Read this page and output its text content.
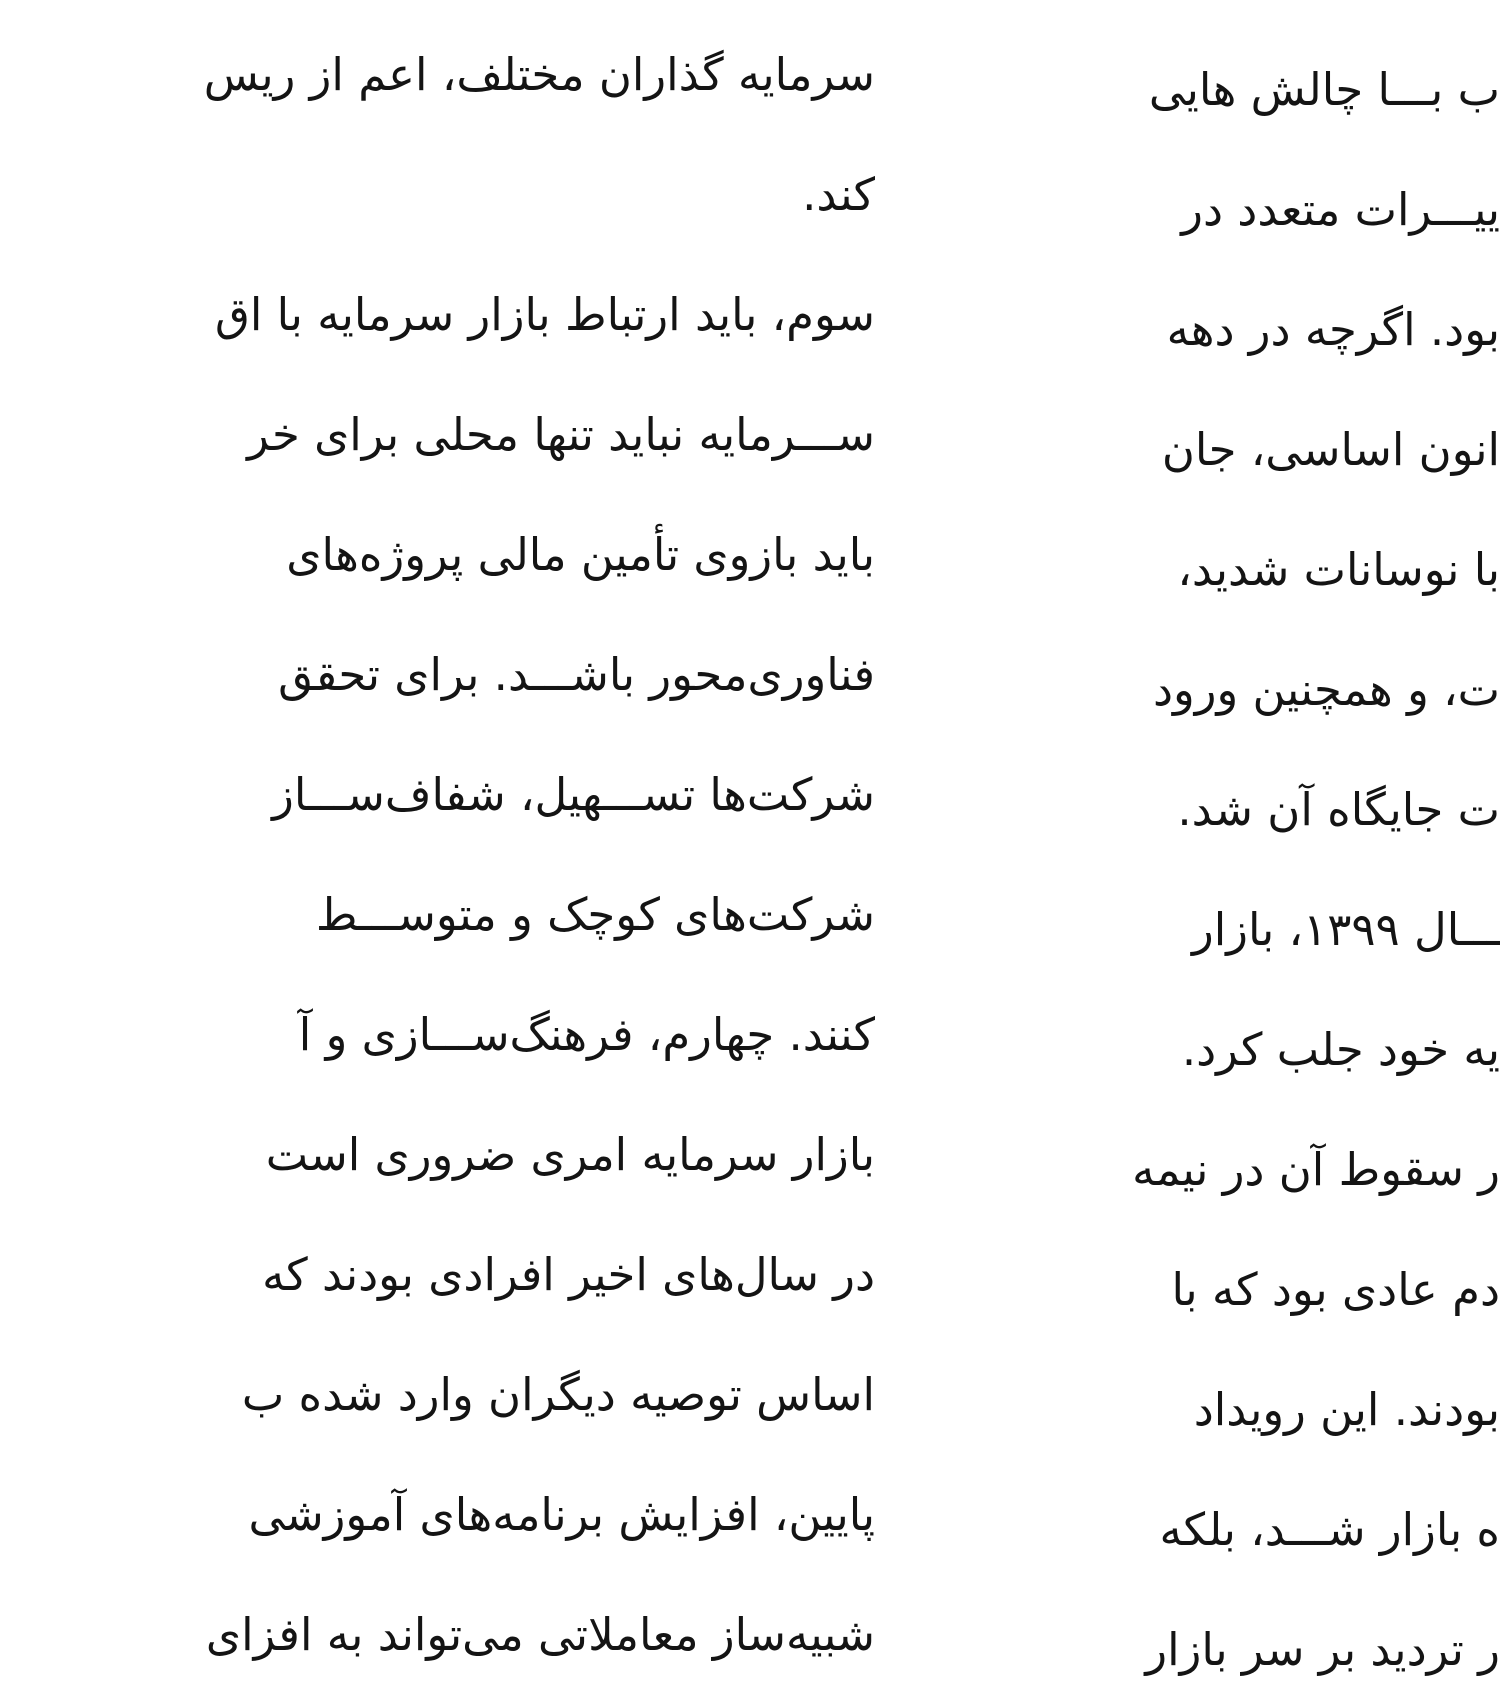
سرمایه گذاران مختلف، اعم از ریس
کند.
سوم، باید ارتباط بازار سرمایه با اق
ســـرمایه نباید تنها محلی برای خر
باید بازوی تأمین مالی پروژه‌های
فناوری‌محور باشـــد. برای تحقق
شرکت‌ها تســـهیل، شفاف‌ســـاز
شرکت‌های کوچک و متوســـط
کنند. چهارم، فرهنگ‌ســـازی و آ
بازار سرمایه امری ضروری است
در سال‌های اخیر افرادی بودند که
اساس توصیه دیگران وارد شده ب
پایین، افزایش برنامه‌های آموزشی
شبیه‌ساز معاملاتی می‌تواند به افزای
ب بـــا چالش هایی
ییـــرات متعدد در
بود. اگرچه در دهه
انون اساسی، جان
با نوسانات شدید،
ت، و همچنین ورود
ت جایگاه آن شد.
ـــال ۱۳۹۹، بازار
یه خود جلب کرد.
ر سقوط آن در نیمه
دم عادی بود که با
بودند. این رویداد
ه بازار شـــد، بلکه
ر تردید بر سر بازار
